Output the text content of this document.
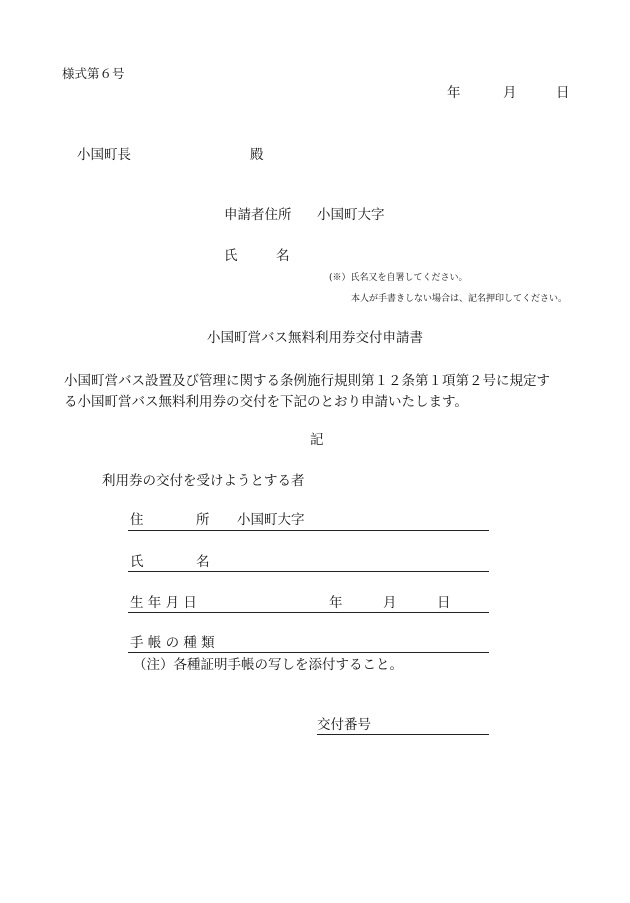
様式第６号
年	月	日
小国町長	殿
申請者住所 小国町大字
氏	名
(※）氏名又を自署してください。
本人が手書きしない場合は、記名押印してください。
小国町営バス無料利用券交付申請書
小国町営バス設置及び管理に関する条例施行規則第１２条第１項第２号に規定す
る小国町営バス無料利用券の交付を下記のとおり申請いたします。
記
利用券の交付を受けようとする者
住	所 小国町大字
氏	名
生 年 月 日	年	月	日
手 帳 の 種 類
（注）各種証明手帳の写しを添付すること。
交付番号
